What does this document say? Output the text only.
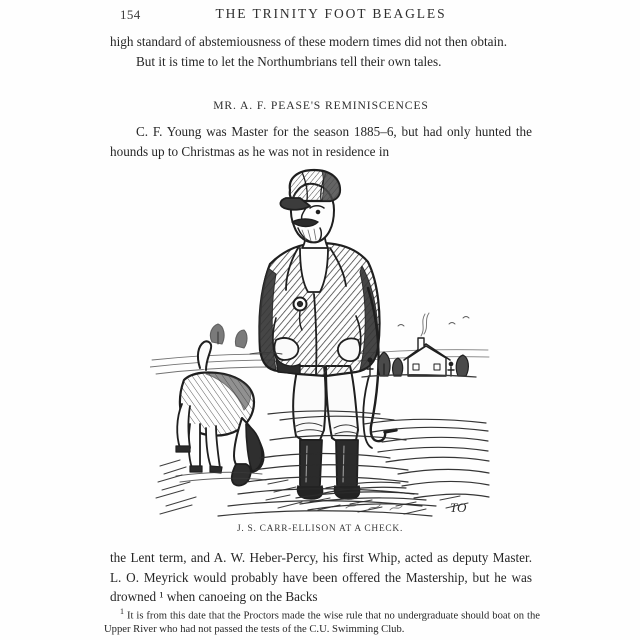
154	THE TRINITY FOOT BEAGLES

high standard of abstemiousness of these modern times did not then obtain.

But it is time to let the Northumbrians tell their own tales.

MR. A. F. PEASE'S REMINISCENCES

C. F. Young was Master for the season 1885–6, but had only hunted the hounds up to Christmas as he was not in residence in

TO
J. S. CARR-ELLISON AT A CHECK.

the Lent term, and A. W. Heber-Percy, his first Whip, acted as deputy Master. L. O. Meyrick would probably have been offered the Mastership, but he was drowned ¹ when canoeing on the Backs

$^1$ It is from this date that the Proctors made the wise rule that no undergraduate should boat on the Upper River who had not passed the tests of the C.U. Swimming Club.
